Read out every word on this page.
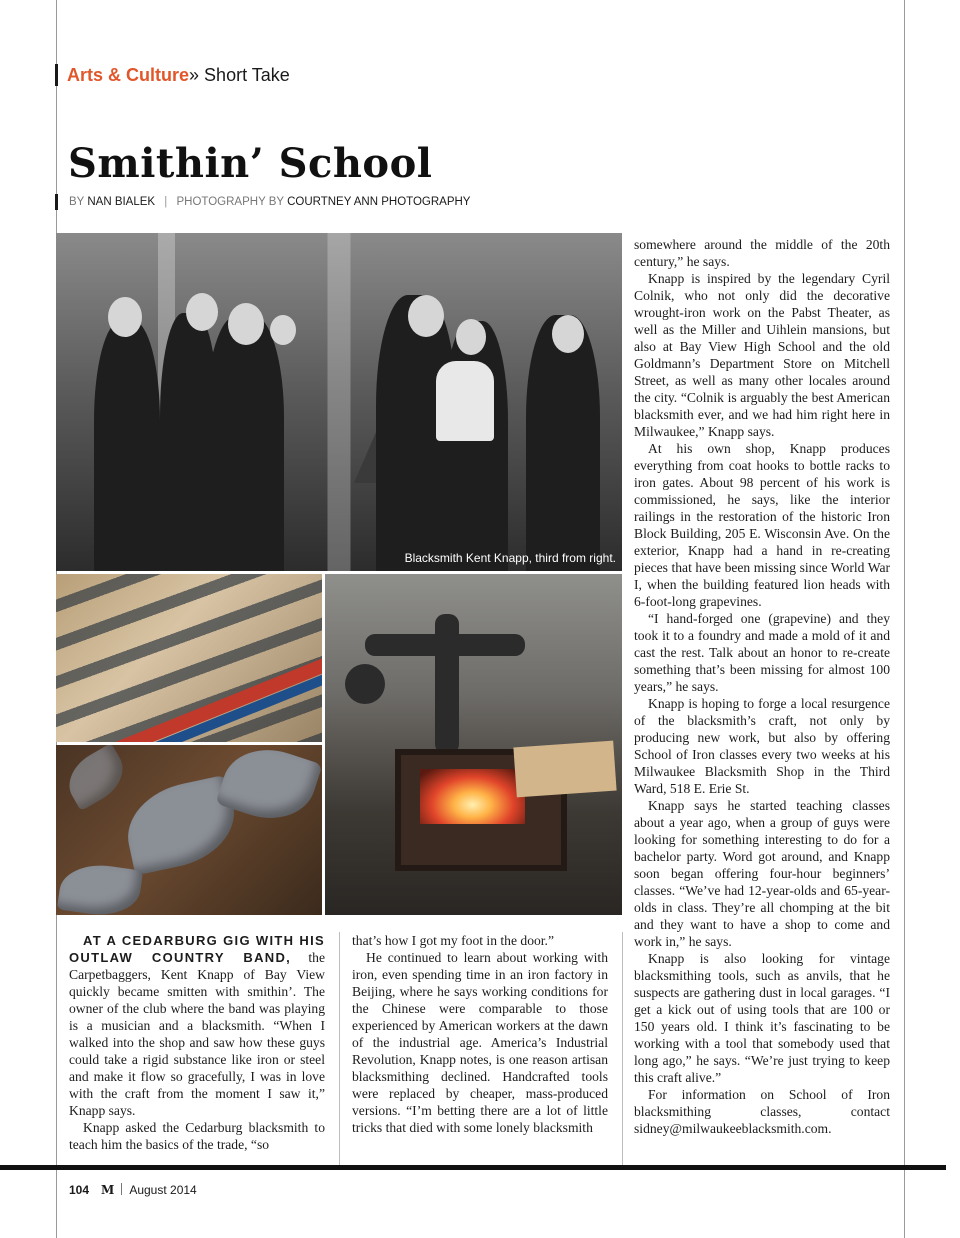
Arts & Culture» Short Take
Smithin’ School
BY NAN BIALEK | PHOTOGRAPHY BY COURTNEY ANN PHOTOGRAPHY
Blacksmith Kent Knapp, third from right.

AT A CEDARBURG GIG WITH HIS OUTLAW COUNTRY BAND, the Carpetbaggers, Kent Knapp of Bay View quickly became smitten with smithin’. The owner of the club where the band was playing is a musician and a blacksmith. “When I walked into the shop and saw how these guys could take a rigid substance like iron or steel and make it flow so gracefully, I was in love with the craft from the moment I saw it,” Knapp says.

Knapp asked the Cedarburg blacksmith to teach him the basics of the trade, “so

that’s how I got my foot in the door.”

He continued to learn about working with iron, even spending time in an iron factory in Beijing, where he says working conditions for the Chinese were comparable to those experienced by American workers at the dawn of the industrial age. America’s Industrial Revolution, Knapp notes, is one reason artisan blacksmithing declined. Handcrafted tools were replaced by cheaper, mass-produced versions. “I’m betting there are a lot of little tricks that died with some lonely blacksmith

somewhere around the middle of the 20th century,” he says.

Knapp is inspired by the legendary Cyril Colnik, who not only did the decorative wrought-iron work on the Pabst Theater, as well as the Miller and Uihlein mansions, but also at Bay View High School and the old Goldmann’s Department Store on Mitchell Street, as well as many other locales around the city. “Colnik is arguably the best American blacksmith ever, and we had him right here in Milwaukee,” Knapp says.

At his own shop, Knapp produces everything from coat hooks to bottle racks to iron gates. About 98 percent of his work is commissioned, he says, like the interior railings in the restoration of the historic Iron Block Building, 205 E. Wisconsin Ave. On the exterior, Knapp had a hand in re-creating pieces that have been missing since World War I, when the building featured lion heads with 6-foot-long grapevines.

“I hand-forged one (grapevine) and they took it to a foundry and made a mold of it and cast the rest. Talk about an honor to re-create something that’s been missing for almost 100 years,” he says.

Knapp is hoping to forge a local resurgence of the blacksmith’s craft, not only by producing new work, but also by offering School of Iron classes every two weeks at his Milwaukee Blacksmith Shop in the Third Ward, 518 E. Erie St.

Knapp says he started teaching classes about a year ago, when a group of guys were looking for something interesting to do for a bachelor party. Word got around, and Knapp soon began offering four-hour beginners’ classes. “We’ve had 12-year-olds and 65-year-olds in class. They’re all chomping at the bit and they want to have a shop to come and work in,” he says.

Knapp is also looking for vintage blacksmithing tools, such as anvils, that he suspects are gathering dust in local garages. “I get a kick out of using tools that are 100 or 150 years old. I think it’s fascinating to be working with a tool that somebody used that long ago,” he says. “We’re just trying to keep this craft alive.”

For information on School of Iron blacksmithing classes, contact sidney@milwaukeeblacksmith.com.

104 M August 2014
